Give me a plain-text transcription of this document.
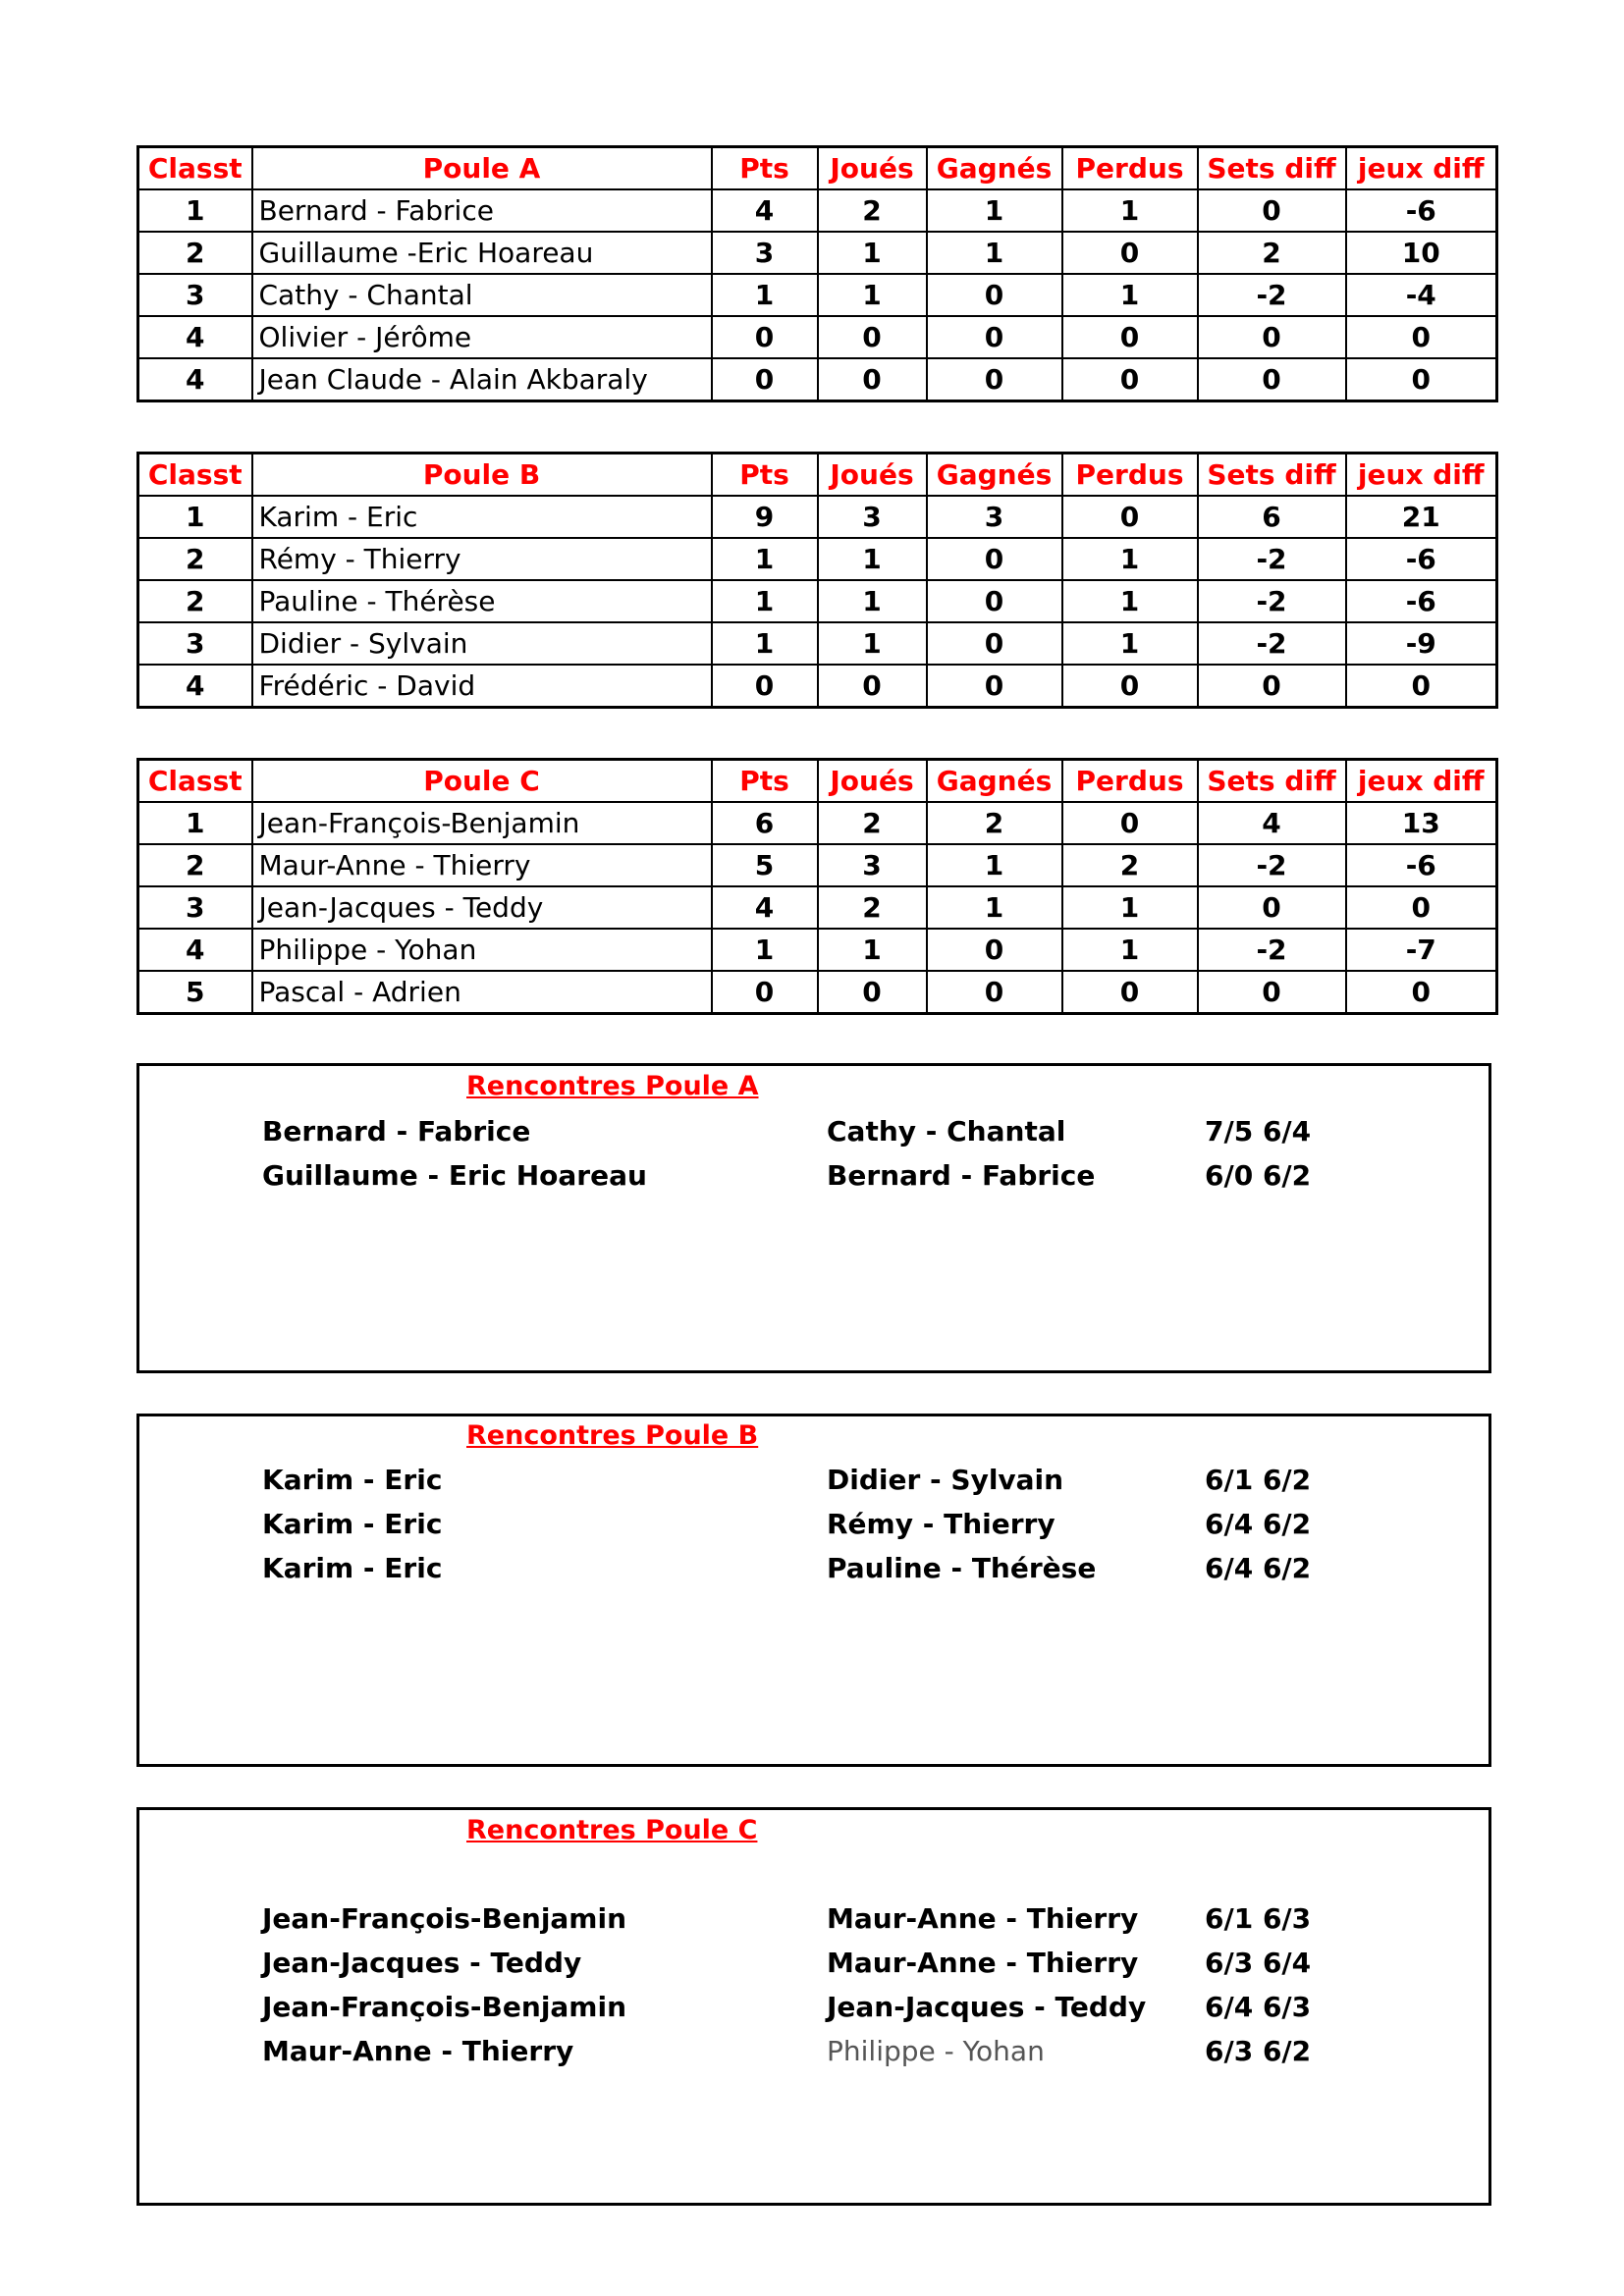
Classt	Poule A	Pts	Joués	Gagnés	Perdus	Sets diff	jeux diff
1	Bernard - Fabrice	4	2	1	1	0	-6
2	Guillaume -Eric Hoareau	3	1	1	0	2	10
3	Cathy - Chantal	1	1	0	1	-2	-4
4	Olivier - Jérôme	0	0	0	0	0	0
4	Jean Claude - Alain Akbaraly	0	0	0	0	0	0
Classt	Poule B	Pts	Joués	Gagnés	Perdus	Sets diff	jeux diff
1	Karim - Eric	9	3	3	0	6	21
2	Rémy - Thierry	1	1	0	1	-2	-6
2	Pauline - Thérèse	1	1	0	1	-2	-6
3	Didier - Sylvain	1	1	0	1	-2	-9
4	Frédéric - David	0	0	0	0	0	0
Classt	Poule C	Pts	Joués	Gagnés	Perdus	Sets diff	jeux diff
1	Jean-François-Benjamin	6	2	2	0	4	13
2	Maur-Anne - Thierry	5	3	1	2	-2	-6
3	Jean-Jacques - Teddy	4	2	1	1	0	0
4	Philippe - Yohan	1	1	0	1	-2	-7
5	Pascal - Adrien	0	0	0	0	0	0
Rencontres Poule A
Bernard - Fabrice	Cathy - Chantal	7/5 6/4
Guillaume - Eric Hoareau	Bernard - Fabrice	6/0 6/2
Rencontres Poule B
Karim - Eric	Didier - Sylvain	6/1 6/2
Karim - Eric	Rémy - Thierry	6/4 6/2
Karim - Eric	Pauline - Thérèse	6/4 6/2
Rencontres Poule C
Jean-François-Benjamin	Maur-Anne - Thierry 6/1 6/3
Jean-Jacques - Teddy	Maur-Anne - Thierry 6/3 6/4
Jean-François-Benjamin	Jean-Jacques - Teddy 6/4 6/3
Maur-Anne - Thierry	Philippe - Yohan	6/3 6/2
